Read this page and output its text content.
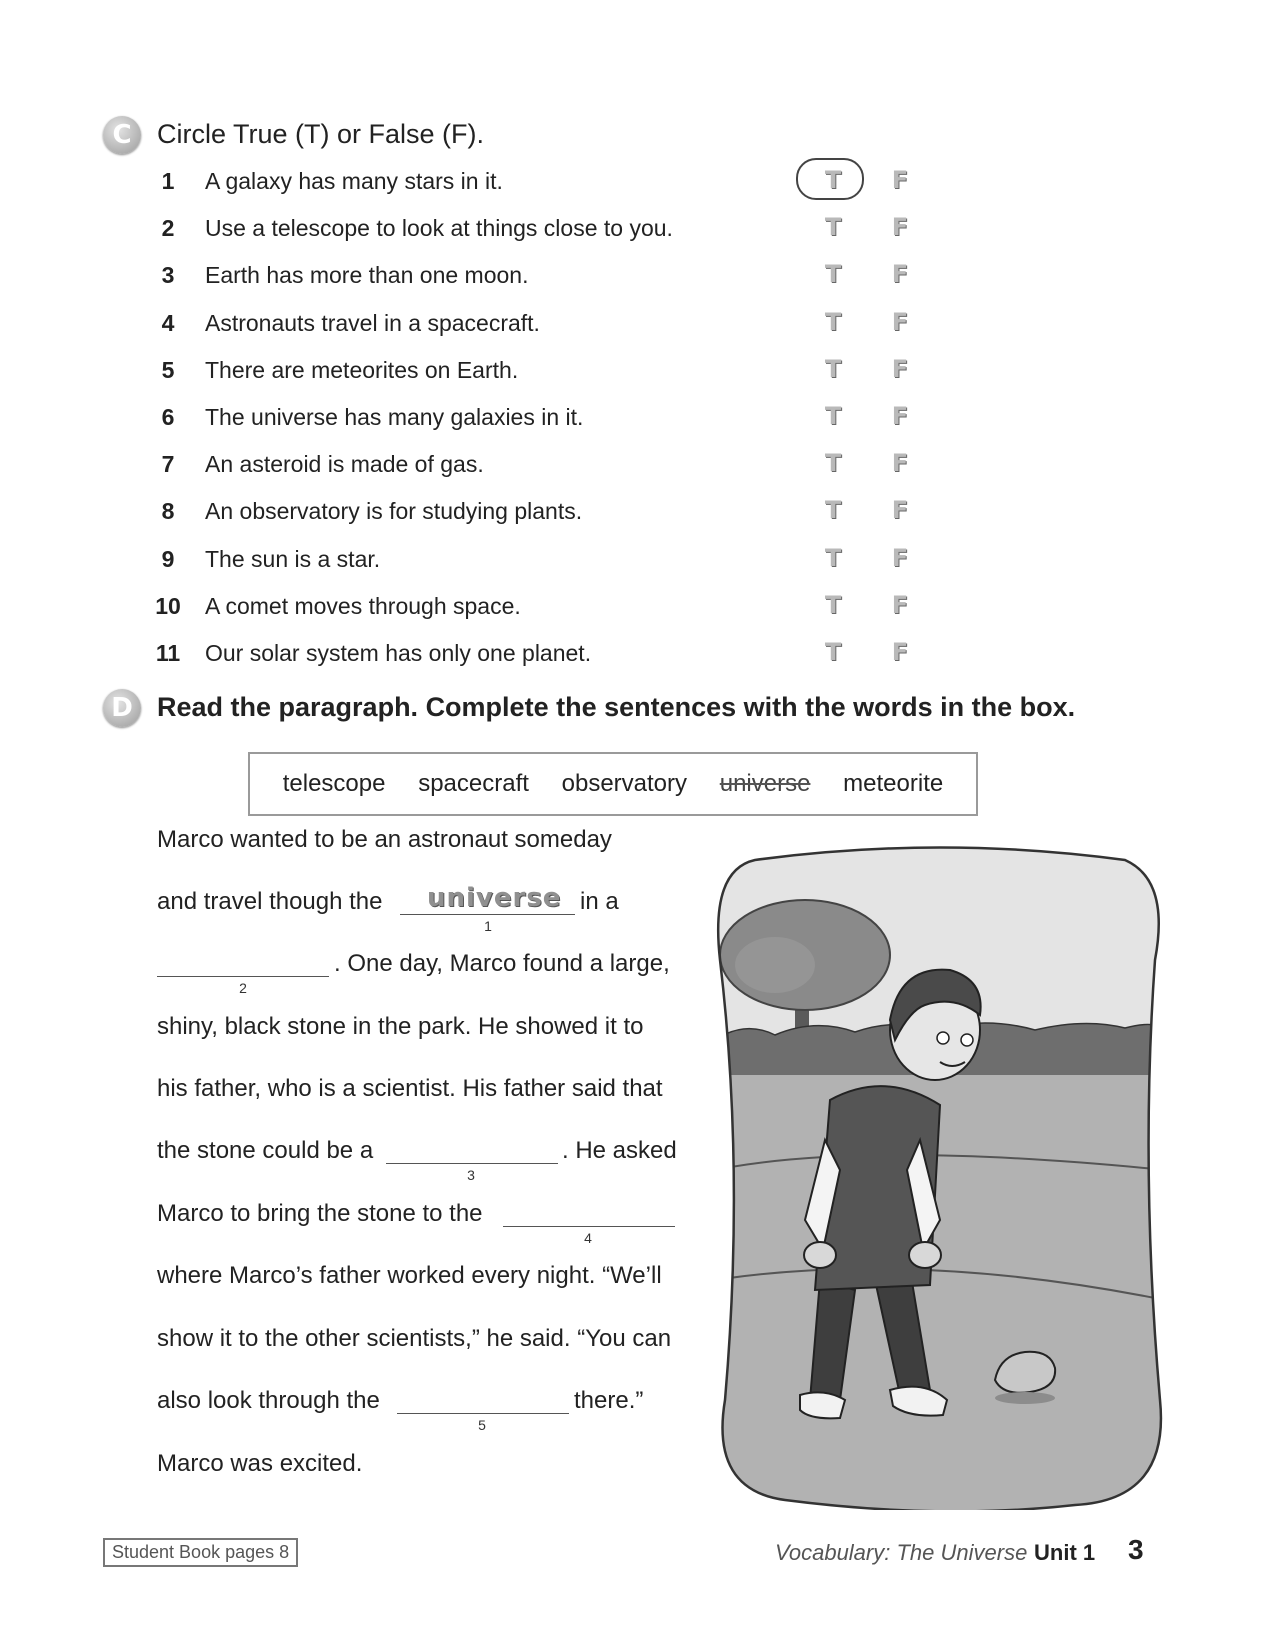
C Circle True (T) or False (F).
1	A galaxy has many stars in it.	T F
2	Use a telescope to look at things close to you.	T F
3	Earth has more than one moon.	T F
4	Astronauts travel in a spacecraft.	T F
5	There are meteorites on Earth.	T F
6	The universe has many galaxies in it.	T F
7	An asteroid is made of gas.	T F
8	An observatory is for studying plants.	T F
9	The sun is a star.	T F
10 A comet moves through space.	T F
11 Our solar system has only one planet.	T F
D Read the paragraph. Complete the sentences with the words in the box.
telescope spacecraft observatory universe meteorite
Marco wanted to be an astronaut someday
and travel though the universe
1
in a
2
. One day, Marco found a large,
shiny, black stone in the park. He showed it to
his father, who is a scientist. His father said that
the stone could be a
3
. He asked
Marco to bring the stone to the
4
where Marco’s father worked every night. “We’ll
show it to the other scientists,” he said. “You can
also look through the
5
there.”
Marco was excited.
Student Book pages 8	Vocabulary: The Universe Unit 1 3
